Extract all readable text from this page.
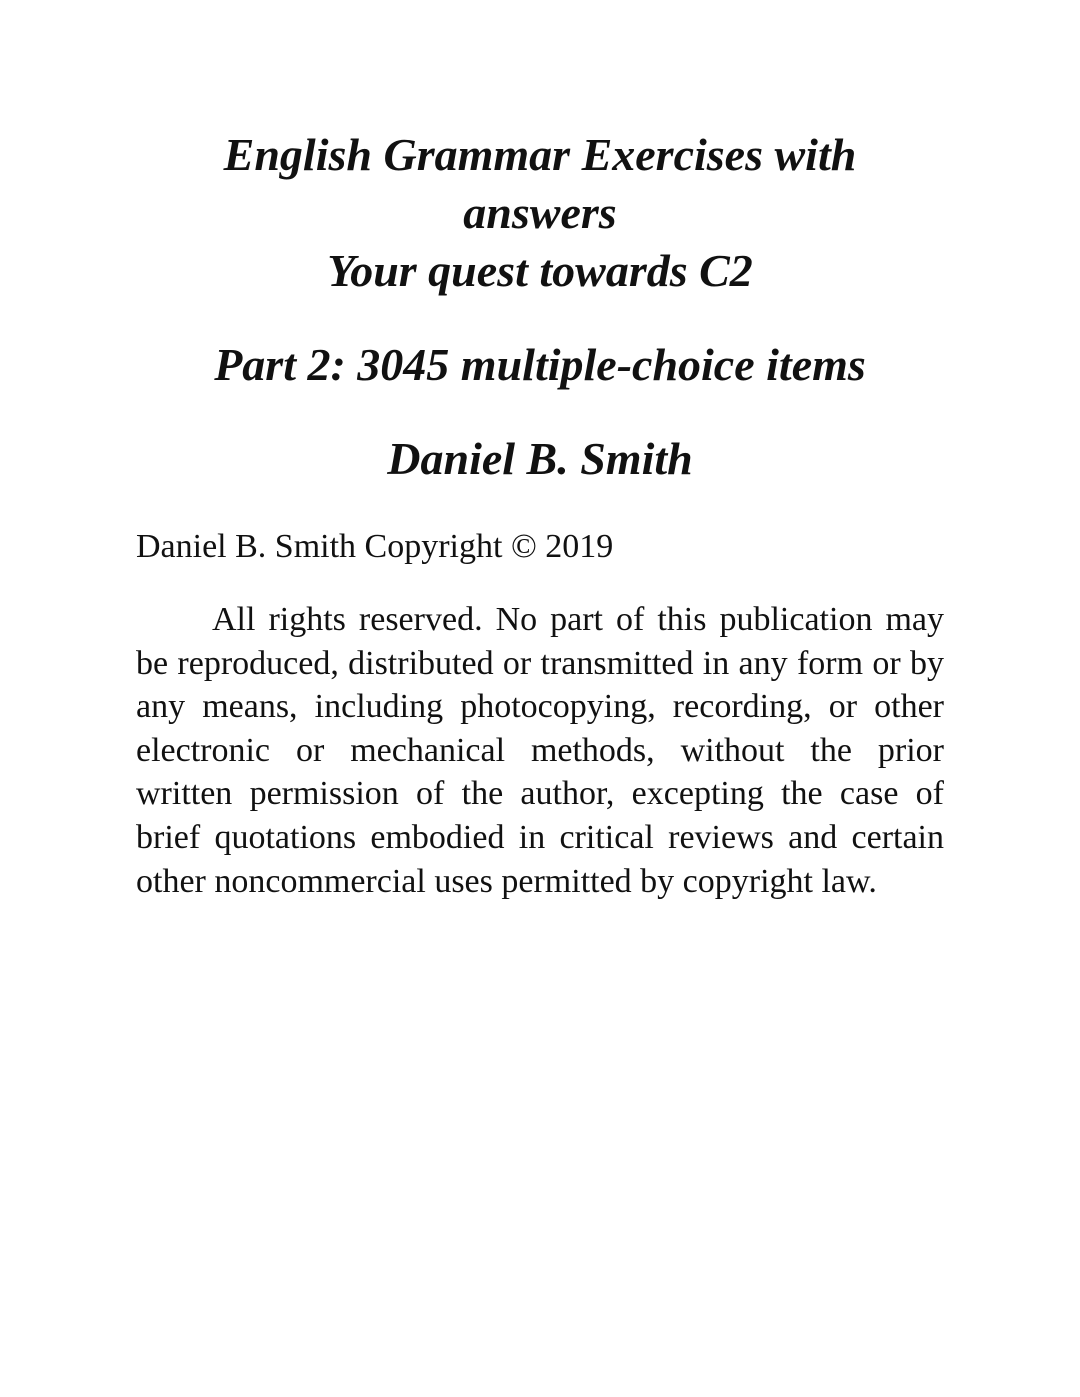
English Grammar Exercises with
answers
Your quest towards C2
Part 2: 3045 multiple-choice items
Daniel B. Smith
Daniel B. Smith Copyright © 2019

All rights reserved. No part of this publication may be reproduced, distributed or transmitted in any form or by any means, including photocopying, recording, or other electronic or mechanical methods, without the prior written permission of the author, excepting the case of brief quotations embodied in critical reviews and certain other noncommercial uses permitted by copyright law.
